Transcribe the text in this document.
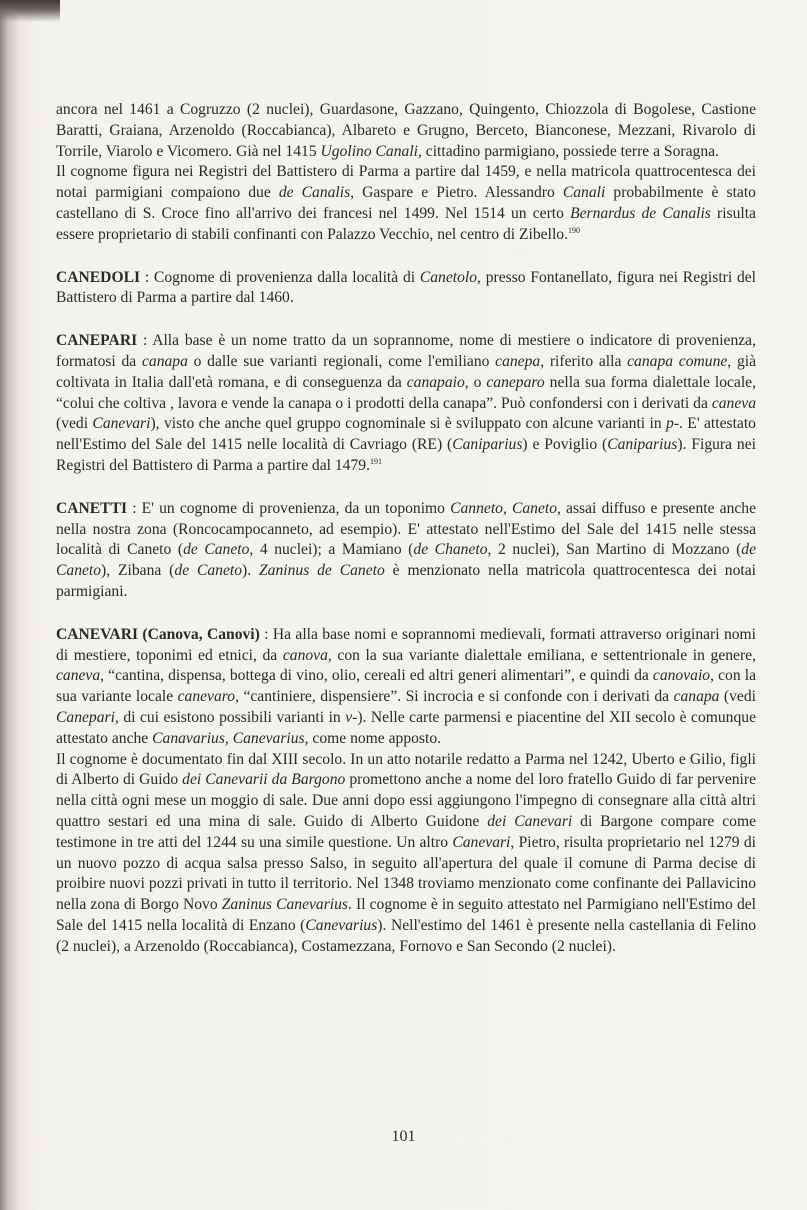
ancora nel 1461 a Cogruzzo (2 nuclei), Guardasone, Gazzano, Quingento, Chiozzola di Bogolese, Castione Baratti, Graiana, Arzenoldo (Roccabianca), Albareto e Grugno, Berceto, Bianconese, Mezzani, Rivarolo di Torrile, Viarolo e Vicomero. Già nel 1415 Ugolino Canali, cittadino parmigiano, possiede terre a Soragna.

Il cognome figura nei Registri del Battistero di Parma a partire dal 1459, e nella matricola quattrocentesca dei notai parmigiani compaiono due de Canalis, Gaspare e Pietro. Alessandro Canali probabilmente è stato castellano di S. Croce fino all'arrivo dei francesi nel 1499. Nel 1514 un certo Bernardus de Canalis risulta essere proprietario di stabili confinanti con Palazzo Vecchio, nel centro di Zibello.$^{190}$

CANEDOLI : Cognome di provenienza dalla località di Canetolo, presso Fontanellato, figura nei Registri del Battistero di Parma a partire dal 1460.

CANEPARI : Alla base è un nome tratto da un soprannome, nome di mestiere o indicatore di provenienza, formatosi da canapa o dalle sue varianti regionali, come l'emiliano canepa, riferito alla canapa comune, già coltivata in Italia dall'età romana, e di conseguenza da canapaio, o caneparo nella sua forma dialettale locale, “colui che coltiva , lavora e vende la canapa o i prodotti della canapa”. Può confondersi con i derivati da caneva (vedi Canevari), visto che anche quel gruppo cognominale si è sviluppato con alcune varianti in p-. E' attestato nell'Estimo del Sale del 1415 nelle località di Cavriago (RE) (Caniparius) e Poviglio (Caniparius). Figura nei Registri del Battistero di Parma a partire dal 1479.$^{191}$

CANETTI : E' un cognome di provenienza, da un toponimo Canneto, Caneto, assai diffuso e presente anche nella nostra zona (Roncocampocanneto, ad esempio). E' attestato nell'Estimo del Sale del 1415 nelle stessa località di Caneto (de Caneto, 4 nuclei); a Mamiano (de Chaneto, 2 nuclei), San Martino di Mozzano (de Caneto), Zibana (de Caneto). Zaninus de Caneto è menzionato nella matricola quattrocentesca dei notai parmigiani.

CANEVARI (Canova, Canovi) : Ha alla base nomi e soprannomi medievali, formati attraverso originari nomi di mestiere, toponimi ed etnici, da canova, con la sua variante dialettale emiliana, e settentrionale in genere, caneva, “cantina, dispensa, bottega di vino, olio, cereali ed altri generi alimentari”, e quindi da canovaio, con la sua variante locale canevaro, “cantiniere, dispensiere”. Si incrocia e si confonde con i derivati da canapa (vedi Canepari, di cui esistono possibili varianti in v-). Nelle carte parmensi e piacentine del XII secolo è comunque attestato anche Canavarius, Canevarius, come nome apposto.

Il cognome è documentato fin dal XIII secolo. In un atto notarile redatto a Parma nel 1242, Uberto e Gilio, figli di Alberto di Guido dei Canevarii da Bargono promettono anche a nome del loro fratello Guido di far pervenire nella città ogni mese un moggio di sale. Due anni dopo essi aggiungono l'impegno di consegnare alla città altri quattro sestari ed una mina di sale. Guido di Alberto Guidone dei Canevari di Bargone compare come testimone in tre atti del 1244 su una simile questione. Un altro Canevari, Pietro, risulta proprietario nel 1279 di un nuovo pozzo di acqua salsa presso Salso, in seguito all'apertura del quale il comune di Parma decise di proibire nuovi pozzi privati in tutto il territorio. Nel 1348 troviamo menzionato come confinante dei Pallavicino nella zona di Borgo Novo Zaninus Canevarius. Il cognome è in seguito attestato nel Parmigiano nell'Estimo del Sale del 1415 nella località di Enzano (Canevarius). Nell'estimo del 1461 è presente nella castellania di Felino (2 nuclei), a Arzenoldo (Roccabianca), Costamezzana, Fornovo e San Secondo (2 nuclei).

101
